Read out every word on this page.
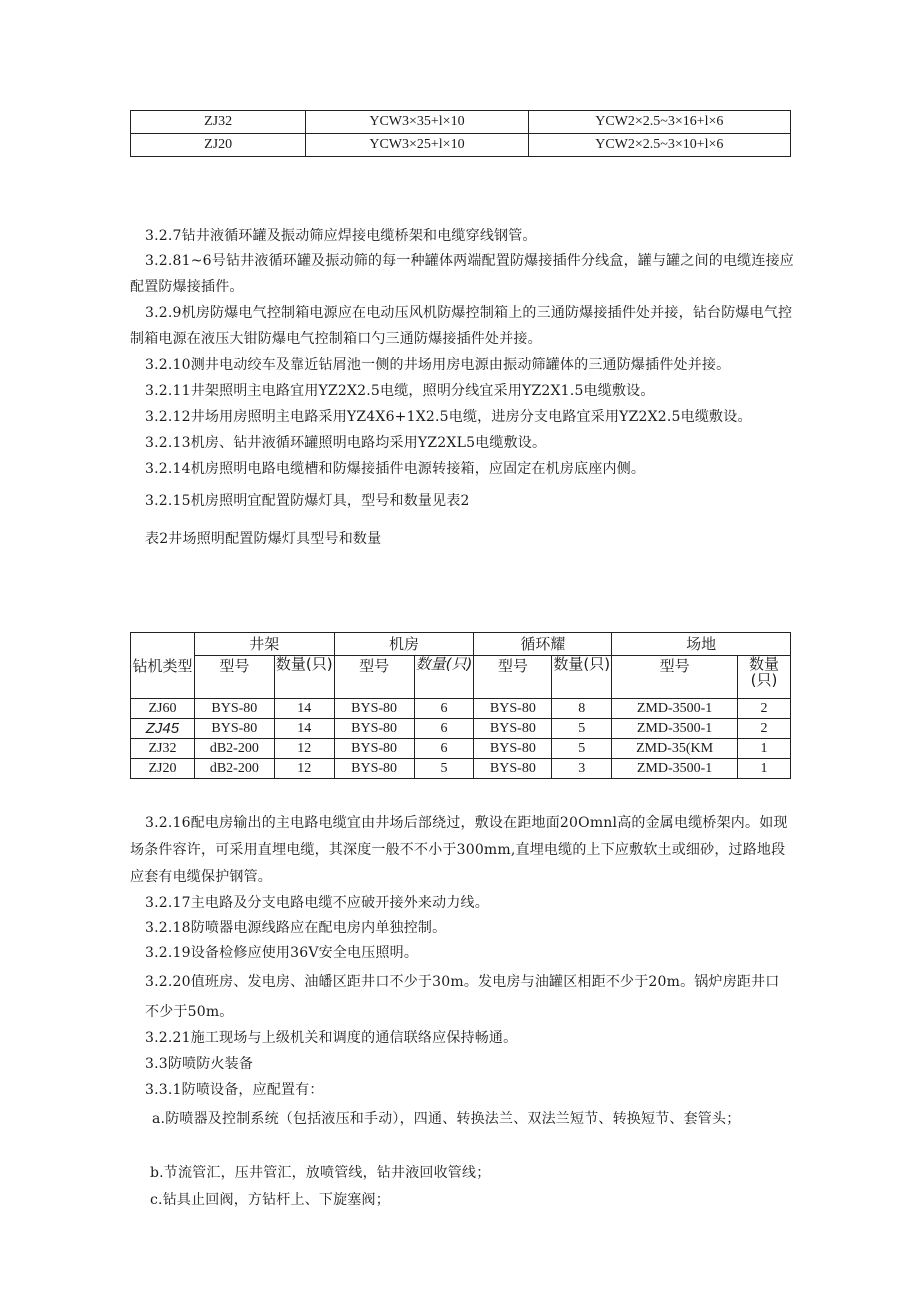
ZJ32	YCW3×35+l×10	YCW2×2.5~3×16+l×6
ZJ20	YCW3×25+l×10	YCW2×2.5~3×10+l×6

3.2.7钻井液循环罐及振动筛应焊接电缆桥架和电缆穿线钢管。

3.2.81~6号钻井液循环罐及振动筛的每一种罐体两端配置防爆接插件分线盒，罐与罐之间的电缆连接应配置防爆接插件。

3.2.9机房防爆电气控制箱电源应在电动压风机防爆控制箱上的三通防爆接插件处并接，钻台防爆电气控制箱电源在液压大钳防爆电气控制箱口勺三通防爆接插件处并接。

3.2.10测井电动绞车及靠近钻屑池一侧的井场用房电源由振动筛罐体的三通防爆插件处并接。

3.2.11井架照明主电路宜用YZ2X2.5电缆，照明分线宜采用YZ2X1.5电缆敷设。

3.2.12井场用房照明主电路采用YZ4X6+1X2.5电缆，进房分支电路宜采用YZ2X2.5电缆敷设。

3.2.13机房、钻井液循环罐照明电路均采用YZ2XL5电缆敷设。

3.2.14机房照明电路电缆槽和防爆接插件电源转接箱，应固定在机房底座内侧。

3.2.15机房照明宜配置防爆灯具，型号和数量见表2

表2井场照明配置防爆灯具型号和数量

钻机类型	井架		机房		循环耀		场地	
	型号	数量(只)	型号	数量(只)	型号	数量(只)	型号	数量(只)

ZJ60	BYS-80	14	BYS-80	6	BYS-80	8	ZMD-3500-1	2
ZJ45	BYS-80	14	BYS-80	6	BYS-80	5	ZMD-3500-1	2
ZJ32	dB2-200	12	BYS-80	6	BYS-80	5	ZMD-35(KM	1
ZJ20	dB2-200	12	BYS-80	5	BYS-80	3	ZMD-3500-1	1

3.2.16配电房输出的主电路电缆宜由井场后部绕过，敷设在距地面20Omnl高的金属电缆桥架内。如现场条件容许，可采用直埋电缆，其深度一般不不小于300mm,直埋电缆的上下应敷软土或细砂，过路地段应套有电缆保护钢管。

3.2.17主电路及分支电路电缆不应破开接外来动力线。

3.2.18防喷器电源线路应在配电房内单独控制。

3.2.19设备检修应使用36V安全电压照明。

3.2.20值班房、发电房、油皤区距井口不少于30m。发电房与油罐区相距不少于20m。锅炉房距井口不少于50m。

3.2.21施工现场与上级机关和调度的通信联络应保持畅通。

3.3防喷防火装备

3.3.1防喷设备，应配置有：

a.防喷器及控制系统（包括液压和手动），四通、转换法兰、双法兰短节、转换短节、套管头；

b.节流管汇，压井管汇，放喷管线，钻井液回收管线；

c.钻具止回阀，方钻杆上、下旋塞阀；
